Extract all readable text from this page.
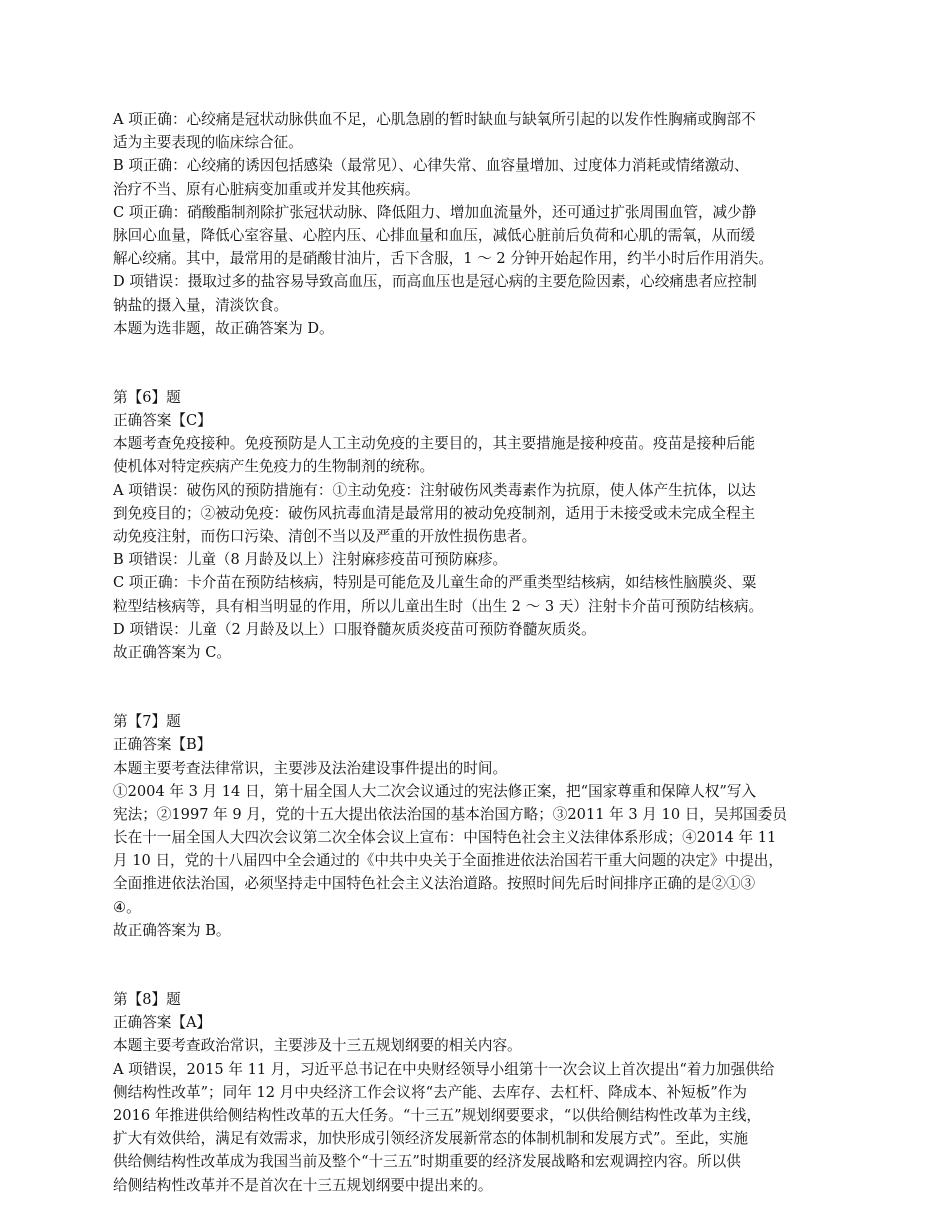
A 项正确：心绞痛是冠状动脉供血不足，心肌急剧的暂时缺血与缺氧所引起的以发作性胸痛或胸部不
适为主要表现的临床综合征。
B 项正确：心绞痛的诱因包括感染（最常见）、心律失常、血容量增加、过度体力消耗或情绪激动、
治疗不当、原有心脏病变加重或并发其他疾病。
C 项正确：硝酸酯制剂除扩张冠状动脉、降低阻力、增加血流量外，还可通过扩张周围血管，减少静
脉回心血量，降低心室容量、心腔内压、心排血量和血压，减低心脏前后负荷和心肌的需氧，从而缓
解心绞痛。其中，最常用的是硝酸甘油片，舌下含服，1 ～ 2 分钟开始起作用，约半小时后作用消失。
D 项错误：摄取过多的盐容易导致高血压，而高血压也是冠心病的主要危险因素，心绞痛患者应控制
钠盐的摄入量，清淡饮食。
本题为选非题，故正确答案为 D。
第【6】题
正确答案【C】
本题考查免疫接种。免疫预防是人工主动免疫的主要目的，其主要措施是接种疫苗。疫苗是接种后能
使机体对特定疾病产生免疫力的生物制剂的统称。
A 项错误：破伤风的预防措施有：①主动免疫：注射破伤风类毒素作为抗原，使人体产生抗体，以达
到免疫目的；②被动免疫：破伤风抗毒血清是最常用的被动免疫制剂，适用于未接受或未完成全程主
动免疫注射，而伤口污染、清创不当以及严重的开放性损伤患者。
B 项错误：儿童（8 月龄及以上）注射麻疹疫苗可预防麻疹。
C 项正确：卡介苗在预防结核病，特别是可能危及儿童生命的严重类型结核病，如结核性脑膜炎、粟
粒型结核病等，具有相当明显的作用，所以儿童出生时（出生 2 ～ 3 天）注射卡介苗可预防结核病。
D 项错误：儿童（2 月龄及以上）口服脊髓灰质炎疫苗可预防脊髓灰质炎。
故正确答案为 C。
第【7】题
正确答案【B】
本题主要考查法律常识，主要涉及法治建设事件提出的时间。
①2004 年 3 月 14 日，第十届全国人大二次会议通过的宪法修正案，把“国家尊重和保障人权”写入
宪法；②1997 年 9 月，党的十五大提出依法治国的基本治国方略；③2011 年 3 月 10 日，吴邦国委员
长在十一届全国人大四次会议第二次全体会议上宣布：中国特色社会主义法律体系形成；④2014 年 11
月 10 日，党的十八届四中全会通过的《中共中央关于全面推进依法治国若干重大问题的决定》中提出，
全面推进依法治国，必须坚持走中国特色社会主义法治道路。按照时间先后时间排序正确的是②①③
④。
故正确答案为 B。
第【8】题
正确答案【A】
本题主要考查政治常识，主要涉及十三五规划纲要的相关内容。
A 项错误，2015 年 11 月，习近平总书记在中央财经领导小组第十一次会议上首次提出“着力加强供给
侧结构性改革”；同年 12 月中央经济工作会议将“去产能、去库存、去杠杆、降成本、补短板”作为
2016 年推进供给侧结构性改革的五大任务。“十三五”规划纲要要求，“以供给侧结构性改革为主线，
扩大有效供给，满足有效需求，加快形成引领经济发展新常态的体制机制和发展方式”。至此，实施
供给侧结构性改革成为我国当前及整个“十三五”时期重要的经济发展战略和宏观调控内容。所以供
给侧结构性改革并不是首次在十三五规划纲要中提出来的。
